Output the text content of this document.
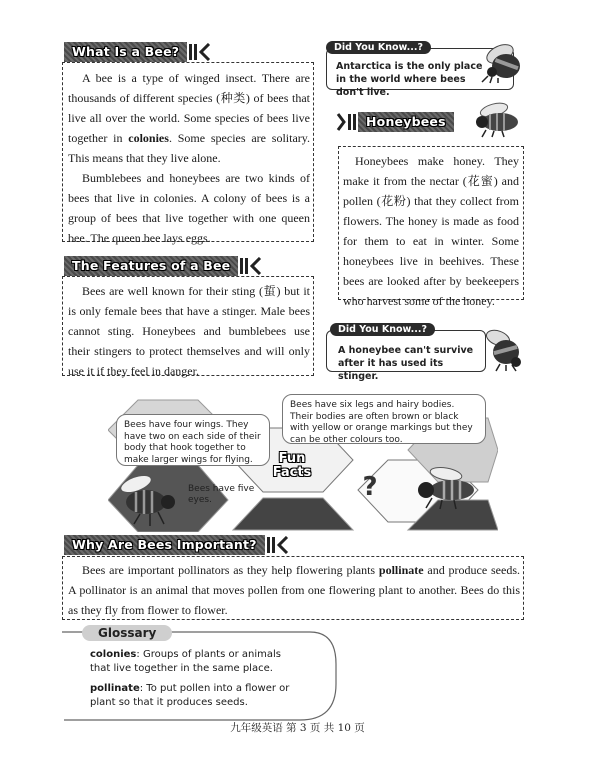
What Is a Bee?
A bee is a type of winged insect. There are thousands of different species (种类) of bees that live all over the world. Some species of bees live together in colonies. Some species are solitary. This means that they live alone.
Bumblebees and honeybees are two kinds of bees that live in colonies. A colony of bees is a group of bees that live together with one queen bee. The queen bee lays eggs.
Did You Know...?
Antarctica is the only place in the world where bees don't live.
Honeybees
Honeybees make honey. They make it from the nectar (花蜜) and pollen (花粉) that they collect from flowers. The honey is made as food for them to eat in winter. Some honeybees live in beehives. These bees are looked after by beekeepers who harvest some of the honey.
The Features of a Bee
Bees are well known for their sting (蜇) but it is only female bees that have a stinger. Male bees cannot sting. Honeybees and bumblebees use their stingers to protect themselves and will only use it if they feel in danger.
Did You Know...?
A honeybee can't survive after it has used its stinger.
Bees have four wings. They have two on each side of their body that hook together to make larger wings for flying.
Bees have six legs and hairy bodies. Their bodies are often brown or black with yellow or orange markings but they can be other colours too.
Fun
Facts
Bees have five eyes.	?
Why Are Bees Important?
Bees are important pollinators as they help flowering plants pollinate and produce seeds. A pollinator is an animal that moves pollen from one flowering plant to another. Bees do this as they fly from flower to flower.
Glossary
colonies: Groups of plants or animals that live together in the same place.
pollinate: To put pollen into a flower or plant so that it produces seeds.
九年级英语 第 3 页 共 10 页
